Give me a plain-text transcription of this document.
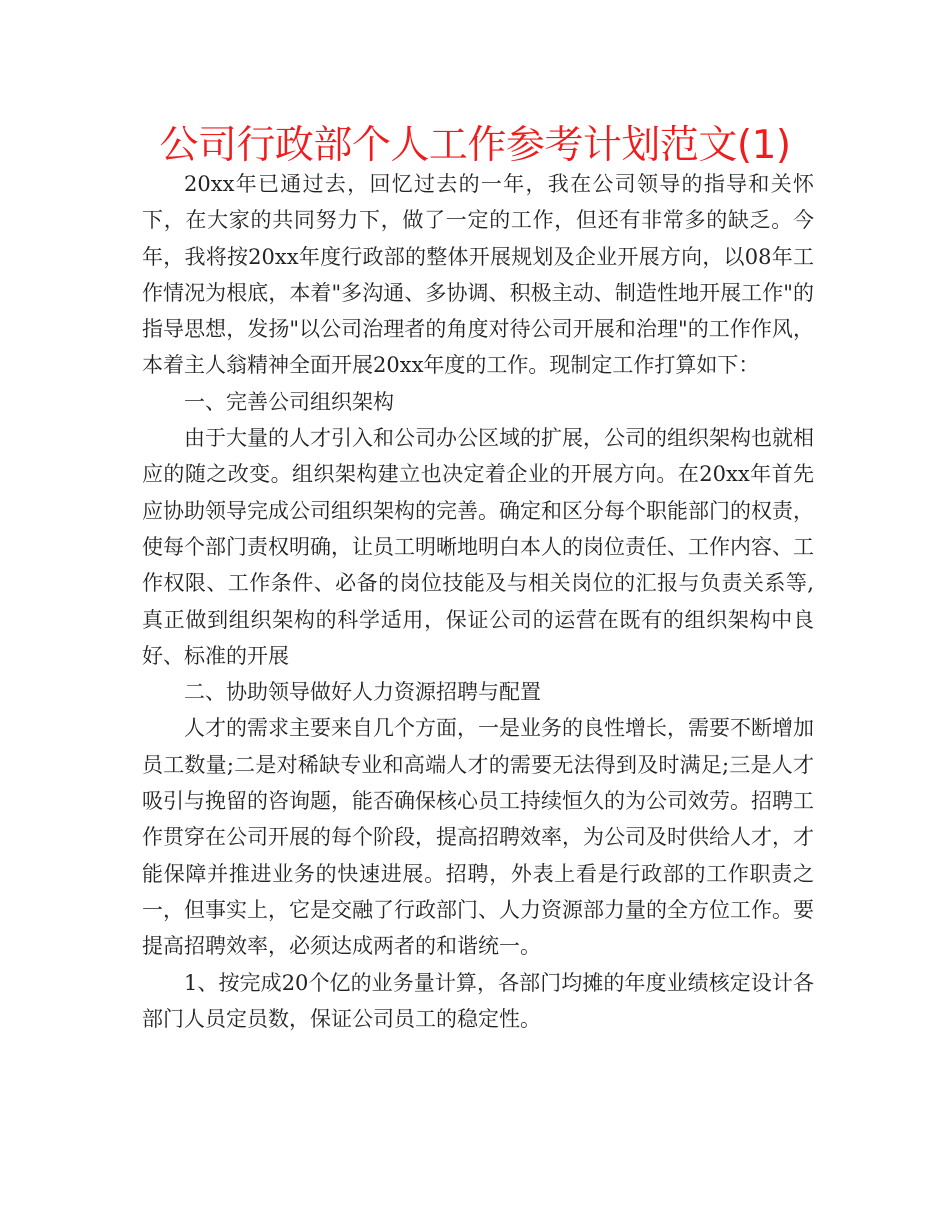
公司行政部个人工作参考计划范文(1)

20xx年已通过去，回忆过去的一年，我在公司领导的指导和关怀下，在大家的共同努力下，做了一定的工作，但还有非常多的缺乏。今年，我将按20xx年度行政部的整体开展规划及企业开展方向，以08年工作情况为根底，本着"多沟通、多协调、积极主动、制造性地开展工作"的指导思想，发扬"以公司治理者的角度对待公司开展和治理"的工作作风，本着主人翁精神全面开展20xx年度的工作。现制定工作打算如下：

一、完善公司组织架构

由于大量的人才引入和公司办公区域的扩展，公司的组织架构也就相应的随之改变。组织架构建立也决定着企业的开展方向。在20xx年首先应协助领导完成公司组织架构的完善。确定和区分每个职能部门的权责，使每个部门责权明确，让员工明晰地明白本人的岗位责任、工作内容、工作权限、工作条件、必备的岗位技能及与相关岗位的汇报与负责关系等,真正做到组织架构的科学适用，保证公司的运营在既有的组织架构中良好、标准的开展

二、协助领导做好人力资源招聘与配置

人才的需求主要来自几个方面，一是业务的良性增长，需要不断增加员工数量;二是对稀缺专业和高端人才的需要无法得到及时满足;三是人才吸引与挽留的咨询题，能否确保核心员工持续恒久的为公司效劳。招聘工作贯穿在公司开展的每个阶段，提高招聘效率，为公司及时供给人才，才能保障并推进业务的快速进展。招聘，外表上看是行政部的工作职责之一，但事实上，它是交融了行政部门、人力资源部力量的全方位工作。要提高招聘效率，必须达成两者的和谐统一。

1、按完成20个亿的业务量计算，各部门均摊的年度业绩核定设计各部门人员定员数，保证公司员工的稳定性。
